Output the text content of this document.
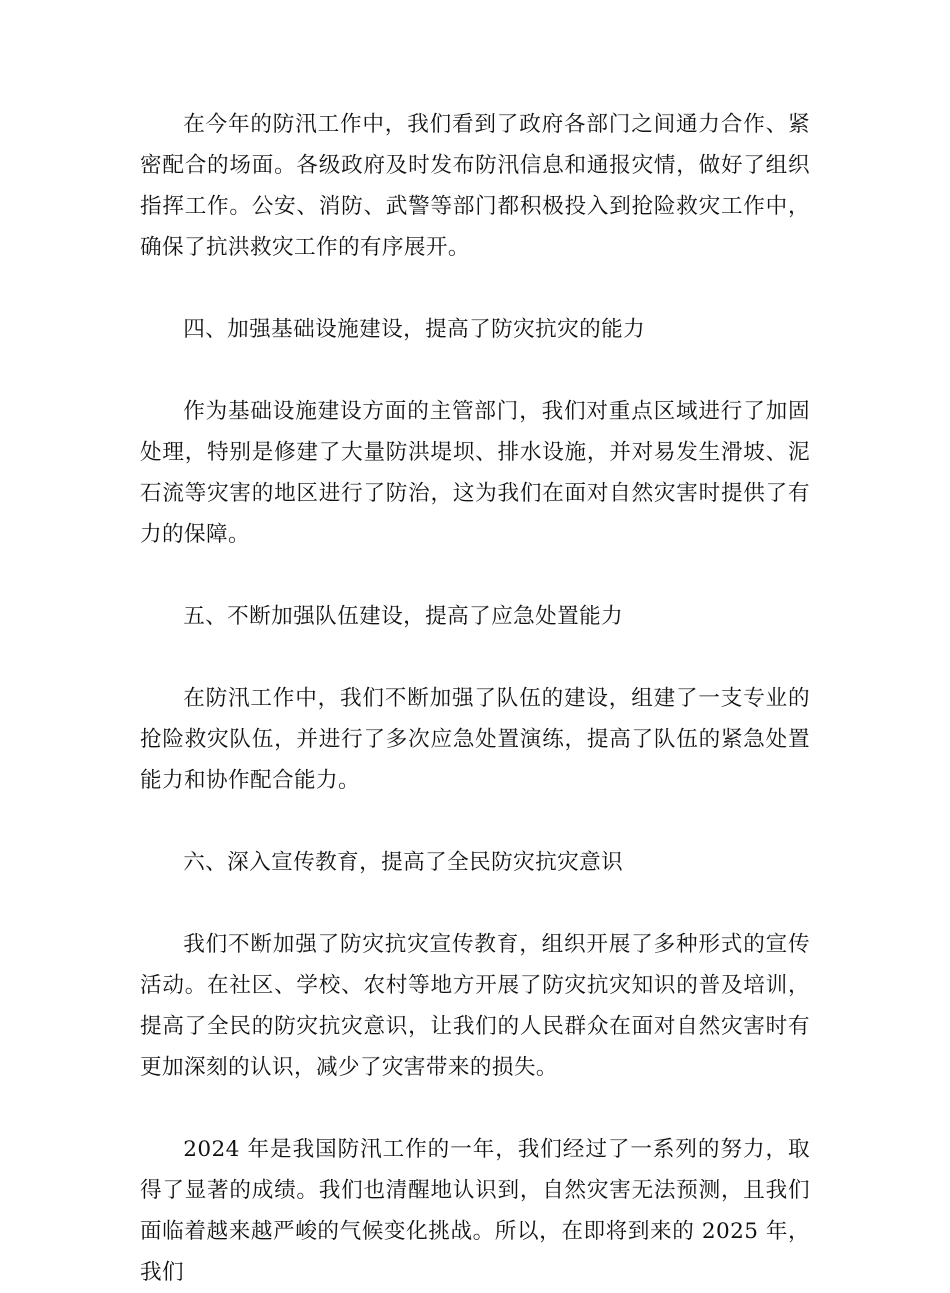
在今年的防汛工作中，我们看到了政府各部门之间通力合作、紧密配合的场面。各级政府及时发布防汛信息和通报灾情，做好了组织指挥工作。公安、消防、武警等部门都积极投入到抢险救灾工作中，确保了抗洪救灾工作的有序展开。

四、加强基础设施建设，提高了防灾抗灾的能力

作为基础设施建设方面的主管部门，我们对重点区域进行了加固处理，特别是修建了大量防洪堤坝、排水设施，并对易发生滑坡、泥石流等灾害的地区进行了防治，这为我们在面对自然灾害时提供了有力的保障。

五、不断加强队伍建设，提高了应急处置能力

在防汛工作中，我们不断加强了队伍的建设，组建了一支专业的抢险救灾队伍，并进行了多次应急处置演练，提高了队伍的紧急处置能力和协作配合能力。

六、深入宣传教育，提高了全民防灾抗灾意识

我们不断加强了防灾抗灾宣传教育，组织开展了多种形式的宣传活动。在社区、学校、农村等地方开展了防灾抗灾知识的普及培训，提高了全民的防灾抗灾意识，让我们的人民群众在面对自然灾害时有更加深刻的认识，减少了灾害带来的损失。

2024 年是我国防汛工作的一年，我们经过了一系列的努力，取得了显著的成绩。我们也清醒地认识到，自然灾害无法预测，且我们面临着越来越严峻的气候变化挑战。所以，在即将到来的 2025 年，我们
